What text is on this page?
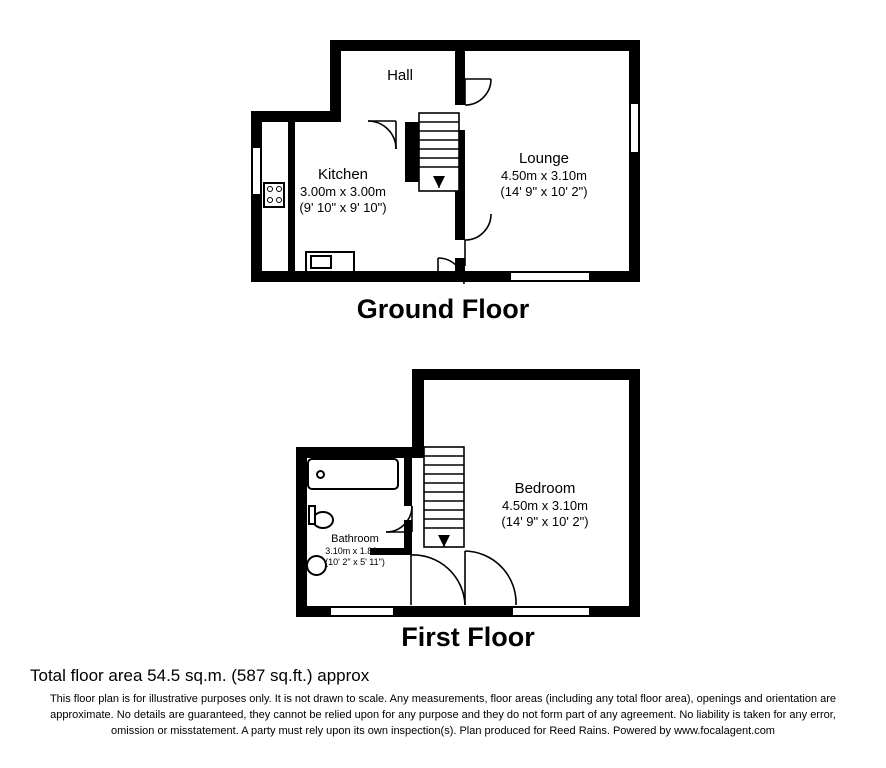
Hall
Kitchen
3.00m x 3.00m
(9' 10" x 9' 10")
Lounge
4.50m x 3.10m
(14' 9" x 10' 2")
Ground Floor
Bedroom
4.50m x 3.10m
(14' 9" x 10' 2")
Bathroom
3.10m x 1.80m
(10' 2" x 5' 11")
First Floor
Total floor area 54.5 sq.m. (587 sq.ft.) approx
This floor plan is for illustrative purposes only. It is not drawn to scale. Any measurements, floor areas (including any total floor area), openings and orientation are approximate. No details are guaranteed, they cannot be relied upon for any purpose and they do not form part of any agreement. No liability is taken for any error, omission or misstatement. A party must rely upon its own inspection(s). Plan produced for Reed Rains. Powered by www.focalagent.com
